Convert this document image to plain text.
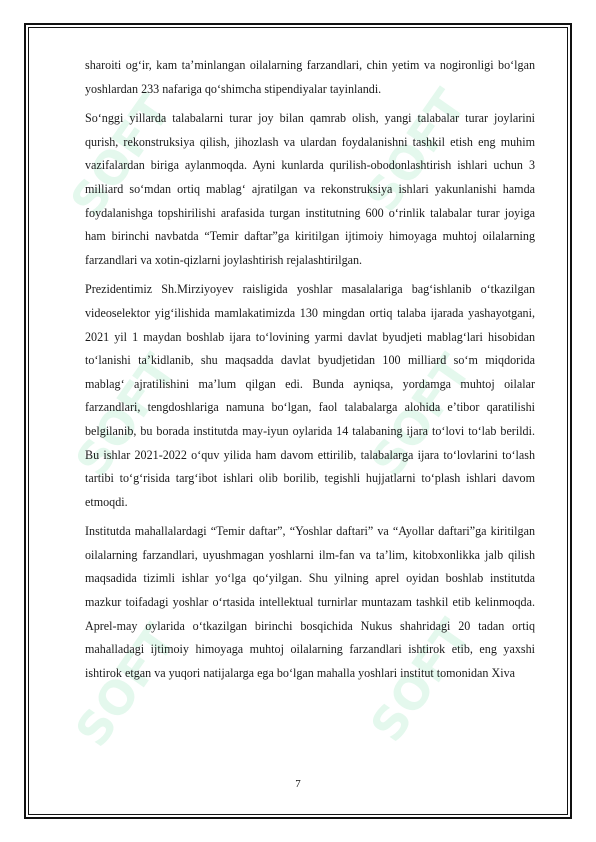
SOFT	SOFT
SOFT	SOFT
SOFT	SOFT

sharoiti og‘ir, kam ta’minlangan oilalarning farzandlari, chin yetim va nogironligi bo‘lgan yoshlardan 233 nafariga qo‘shimcha stipendiyalar tayinlandi.

So‘nggi yillarda talabalarni turar joy bilan qamrab olish, yangi talabalar turar joylarini qurish, rekonstruksiya qilish, jihozlash va ulardan foydalanishni tashkil etish eng muhim vazifalardan biriga aylanmoqda. Ayni kunlarda qurilish-obodonlashtirish ishlari uchun 3 milliard so‘mdan ortiq mablag‘ ajratilgan va rekonstruksiya ishlari yakunlanishi hamda foydalanishga topshirilishi arafasida turgan institutning 600 o‘rinlik talabalar turar joyiga ham birinchi navbatda “Temir daftar”ga kiritilgan ijtimoiy himoyaga muhtoj oilalarning farzandlari va xotin-qizlarni joylashtirish rejalashtirilgan.

Prezidentimiz Sh.Mirziyoyev raisligida yoshlar masalalariga bag‘ishlanib o‘tkazilgan videoselektor yig‘ilishida mamlakatimizda 130 mingdan ortiq talaba ijarada yashayotgani, 2021 yil 1 maydan boshlab ijara to‘lovining yarmi davlat byudjeti mablag‘lari hisobidan to‘lanishi ta’kidlanib, shu maqsadda davlat byudjetidan 100 milliard so‘m miqdorida mablag‘ ajratilishini ma’lum qilgan edi. Bunda ayniqsa, yordamga muhtoj oilalar farzandlari, tengdoshlariga namuna bo‘lgan, faol talabalarga alohida e’tibor qaratilishi belgilanib, bu borada institutda may-iyun oylarida 14 talabaning ijara to‘lovi to‘lab berildi. Bu ishlar 2021-2022 o‘quv yilida ham davom ettirilib, talabalarga ijara to‘lovlarini to‘lash tartibi to‘g‘risida targ‘ibot ishlari olib borilib, tegishli hujjatlarni to‘plash ishlari davom etmoqdi.

Institutda mahallalardagi “Temir daftar”, “Yoshlar daftari” va “Ayollar daftari”ga kiritilgan oilalarning farzandlari, uyushmagan yoshlarni ilm-fan va ta’lim, kitobxonlikka jalb qilish maqsadida tizimli ishlar yo‘lga qo‘yilgan. Shu yilning aprel oyidan boshlab institutda mazkur toifadagi yoshlar o‘rtasida intellektual turnirlar muntazam tashkil etib kelinmoqda. Aprel-may oylarida o‘tkazilgan birinchi bosqichida Nukus shahridagi 20 tadan ortiq mahalladagi ijtimoiy himoyaga muhtoj oilalarning farzandlari ishtirok etib, eng yaxshi ishtirok etgan va yuqori natijalarga ega bo‘lgan mahalla yoshlari institut tomonidan Xiva

7
